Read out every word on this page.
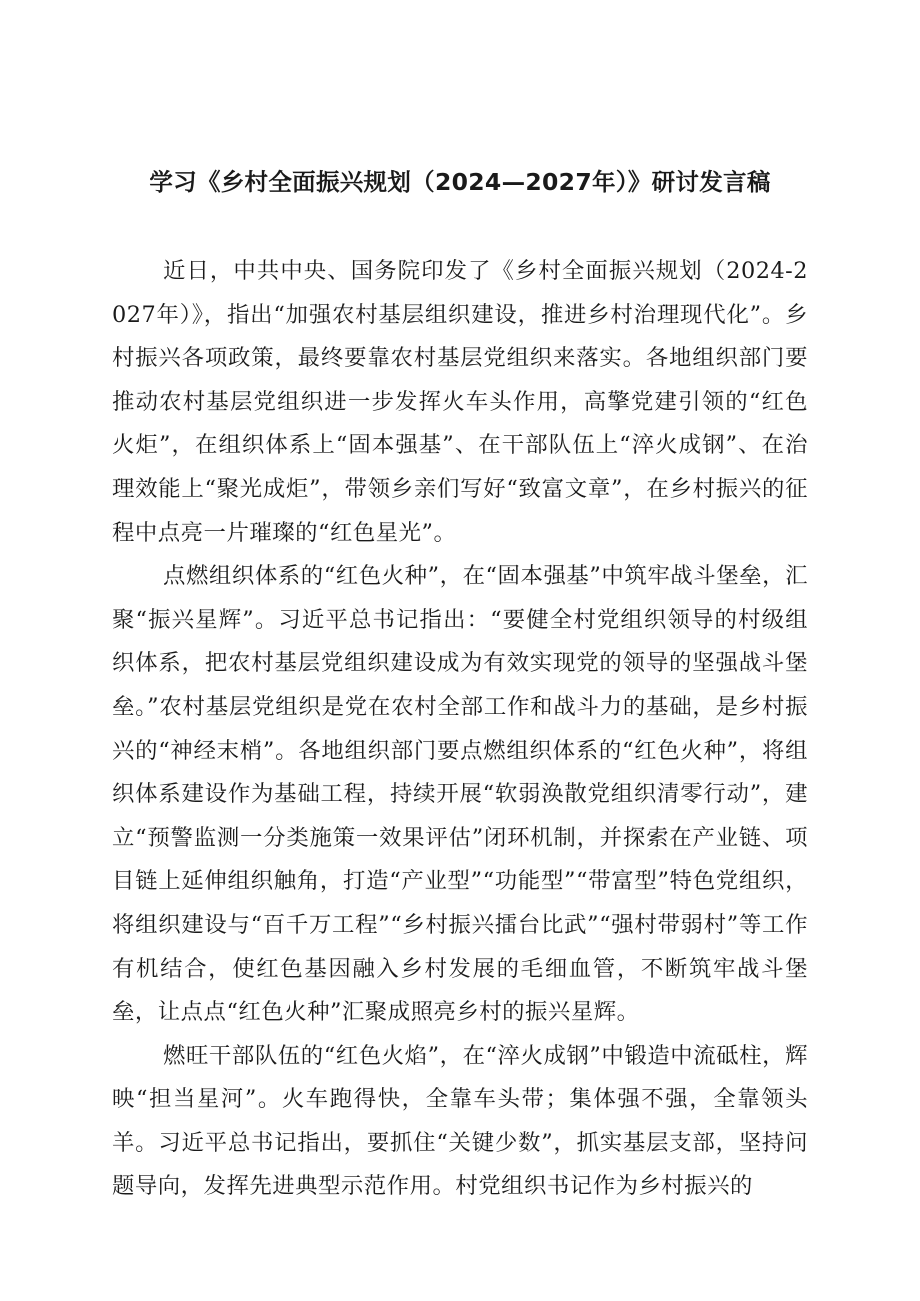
学习《乡村全面振兴规划（2024—2027年）》研讨发言稿

近日，中共中央、国务院印发了《乡村全面振兴规划（2024-2027年）》，指出“加强农村基层组织建设，推进乡村治理现代化”。乡村振兴各项政策，最终要靠农村基层党组织来落实。各地组织部门要推动农村基层党组织进一步发挥火车头作用，高擎党建引领的“红色火炬”，在组织体系上“固本强基”、在干部队伍上“淬火成钢”、在治理效能上“聚光成炬”，带领乡亲们写好“致富文章”，在乡村振兴的征程中点亮一片璀璨的“红色星光”。

点燃组织体系的“红色火种”，在“固本强基”中筑牢战斗堡垒，汇聚“振兴星辉”。习近平总书记指出：“要健全村党组织领导的村级组织体系，把农村基层党组织建设成为有效实现党的领导的坚强战斗堡垒。”农村基层党组织是党在农村全部工作和战斗力的基础，是乡村振兴的“神经末梢”。各地组织部门要点燃组织体系的“红色火种”，将组织体系建设作为基础工程，持续开展“软弱涣散党组织清零行动”，建立“预警监测一分类施策一效果评估”闭环机制，并探索在产业链、项目链上延伸组织触角，打造“产业型”“功能型”“带富型”特色党组织，将组织建设与“百千万工程”“乡村振兴擂台比武”“强村带弱村”等工作有机结合，使红色基因融入乡村发展的毛细血管，不断筑牢战斗堡垒，让点点“红色火种”汇聚成照亮乡村的振兴星辉。

燃旺干部队伍的“红色火焰”，在“淬火成钢”中锻造中流砥柱，辉映“担当星河”。火车跑得快，全靠车头带；集体强不强，全靠领头羊。习近平总书记指出，要抓住“关键少数”，抓实基层支部，坚持问题导向，发挥先进典型示范作用。村党组织书记作为乡村振兴的
